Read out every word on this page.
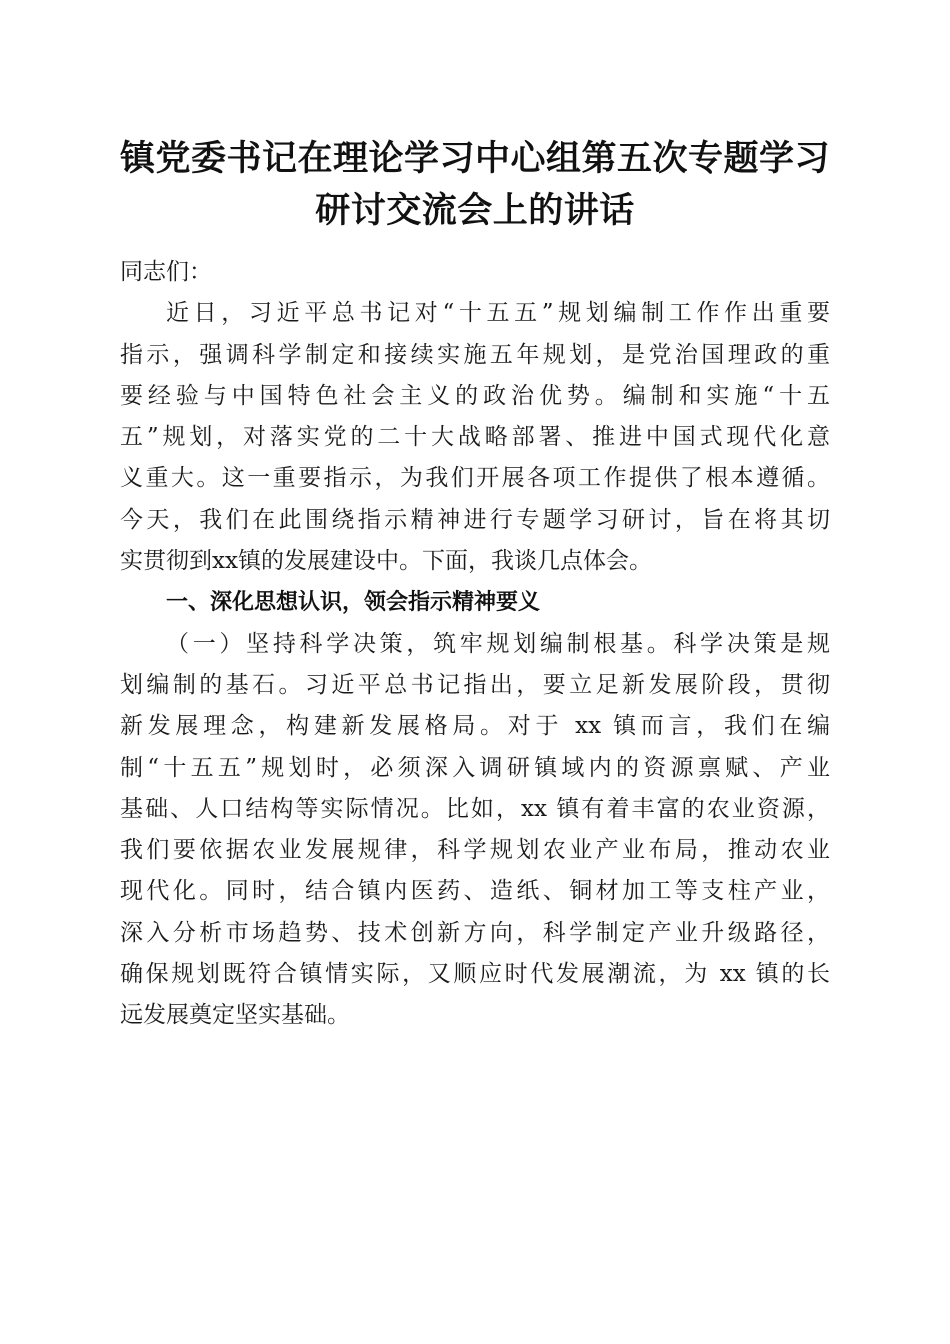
镇党委书记在理论学习中心组第五次专题学习
研讨交流会上的讲话
同志们：
近日，习近平总书记对“十五五”规划编制工作作出重要
指示，强调科学制定和接续实施五年规划，是党治国理政的重
要经验与中国特色社会主义的政治优势。编制和实施“十五
五”规划，对落实党的二十大战略部署、推进中国式现代化意
义重大。这一重要指示，为我们开展各项工作提供了根本遵循。
今天，我们在此围绕指示精神进行专题学习研讨，旨在将其切
实贯彻到xx镇的发展建设中。下面，我谈几点体会。
一、深化思想认识，领会指示精神要义
（一）坚持科学决策，筑牢规划编制根基。科学决策是规
划编制的基石。习近平总书记指出，要立足新发展阶段，贯彻
新发展理念，构建新发展格局。对于 xx 镇而言，我们在编
制“十五五”规划时，必须深入调研镇域内的资源禀赋、产业
基础、人口结构等实际情况。比如，xx 镇有着丰富的农业资源，
我们要依据农业发展规律，科学规划农业产业布局，推动农业
现代化。同时，结合镇内医药、造纸、铜材加工等支柱产业，
深入分析市场趋势、技术创新方向，科学制定产业升级路径，
确保规划既符合镇情实际，又顺应时代发展潮流，为 xx 镇的长
远发展奠定坚实基础。
